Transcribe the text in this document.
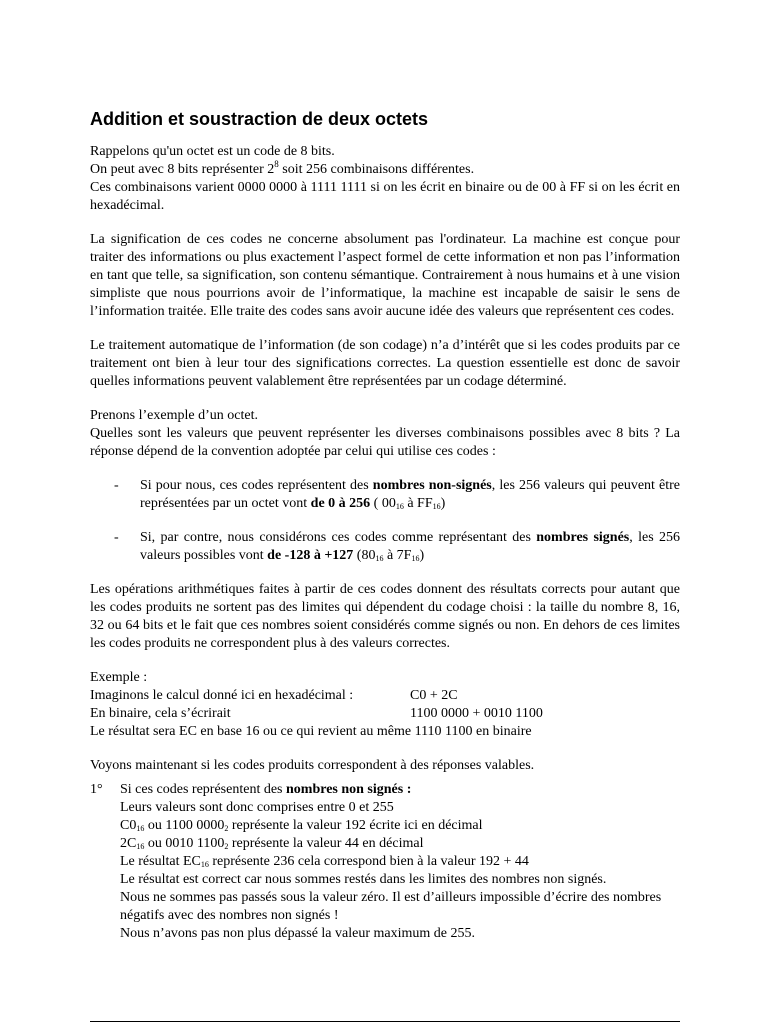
Addition et soustraction de deux octets
Rappelons qu'un octet est un code de 8 bits.
On peut avec 8 bits représenter $2^8$ soit 256 combinaisons différentes.
Ces combinaisons varient 0000 0000 à 1111 1111 si on les écrit en binaire ou de 00 à FF si on les écrit en hexadécimal.
La signification de ces codes ne concerne absolument pas l'ordinateur. La machine est conçue pour traiter des informations ou plus exactement l’aspect formel de cette information et non pas l’information en tant que telle, sa signification, son contenu sémantique. Contrairement à nous humains et à une vision simpliste que nous pourrions avoir de l’informatique, la machine est incapable de saisir le sens de l’information traitée. Elle traite des codes sans avoir aucune idée des valeurs que représentent ces codes.
Le traitement automatique de l’information (de son codage) n’a d’intérêt que si les codes produits par ce traitement ont bien à leur tour des significations correctes. La question essentielle est donc de savoir quelles informations peuvent valablement être représentées par un codage déterminé.
Prenons l’exemple d’un octet.
Quelles sont les valeurs que peuvent représenter les diverses combinaisons possibles avec 8 bits ? La réponse dépend de la convention adoptée par celui qui utilise ces codes :
-	Si pour nous, ces codes représentent des nombres non-signés, les 256 valeurs qui peuvent être représentées par un octet vont de 0 à 256 ( $00_{16}$ à $FF_{16}$)
-	Si, par contre, nous considérons ces codes comme représentant des nombres signés, les 256 valeurs possibles vont de -128 à +127 ($80_{16}$ à $7F_{16}$)
Les opérations arithmétiques faites à partir de ces codes donnent des résultats corrects pour autant que les codes produits ne sortent pas des limites qui dépendent du codage choisi : la taille du nombre 8, 16, 32 ou 64 bits et le fait que ces nombres soient considérés comme signés ou non. En dehors de ces limites les codes produits ne correspondent plus à des valeurs correctes.
Exemple :
Imaginons le calcul donné ici en hexadécimal :	C0 + 2C
En binaire, cela s’écrirait	1100 0000 + 0010 1100
Le résultat sera EC en base 16 ou ce qui revient au même 1110 1100 en binaire
Voyons maintenant si les codes produits correspondent à des réponses valables.
1°	Si ces codes représentent des nombres non signés :
Leurs valeurs sont donc comprises entre 0 et 255
$C0_{16}$ ou 1100 $0000_2$ représente la valeur 192 écrite ici en décimal
$2C_{16}$ ou 0010 $1100_2$ représente la valeur 44 en décimal
Le résultat $EC_{16}$ représente 236 cela correspond bien à la valeur 192 + 44
Le résultat est correct car nous sommes restés dans les limites des nombres non signés.
Nous ne sommes pas passés sous la valeur zéro. Il est d’ailleurs impossible d’écrire des nombres négatifs avec des nombres non signés !
Nous n’avons pas non plus dépassé la valeur maximum de 255.
